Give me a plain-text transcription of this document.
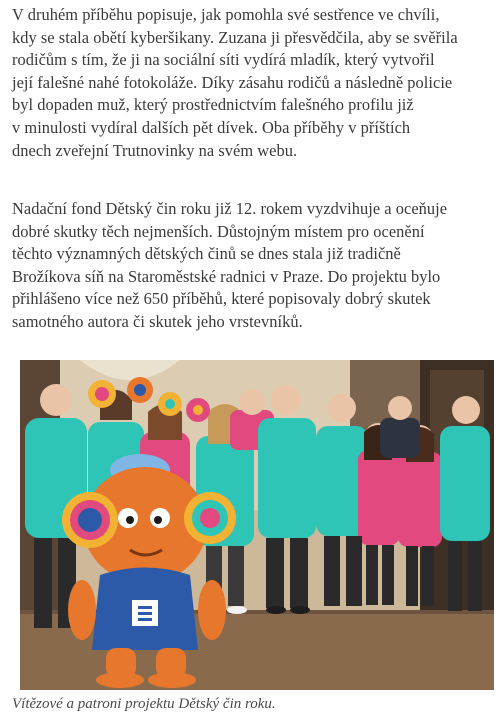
V druhém příběhu popisuje, jak pomohla své sestřence ve chvíli,
kdy se stala obětí kyberšikany. Zuzana ji přesvědčila, aby se svěřila
rodičům s tím, že ji na sociální síti vydírá mladík, který vytvořil
její falešné nahé fotokoláže. Díky zásahu rodičů a následně policie
byl dopaden muž, který prostřednictvím falešného profilu již
v minulosti vydíral dalších pět dívek. Oba příběhy v příštích
dnech zveřejní Trutnovinky na svém webu.

Nadační fond Dětský čin roku již 12. rokem vyzdvihuje a oceňuje
dobré skutky těch nejmenších. Důstojným místem pro ocenění
těchto významných dětských činů se dnes stala již tradičně
Brožíkova síň na Staroměstské radnici v Praze. Do projektu bylo
přihlášeno více než 650 příběhů, které popisovaly dobrý skutek
samotného autora či skutek jeho vrstevníků.

Vítězové a patroni projektu Dětský čin roku.
